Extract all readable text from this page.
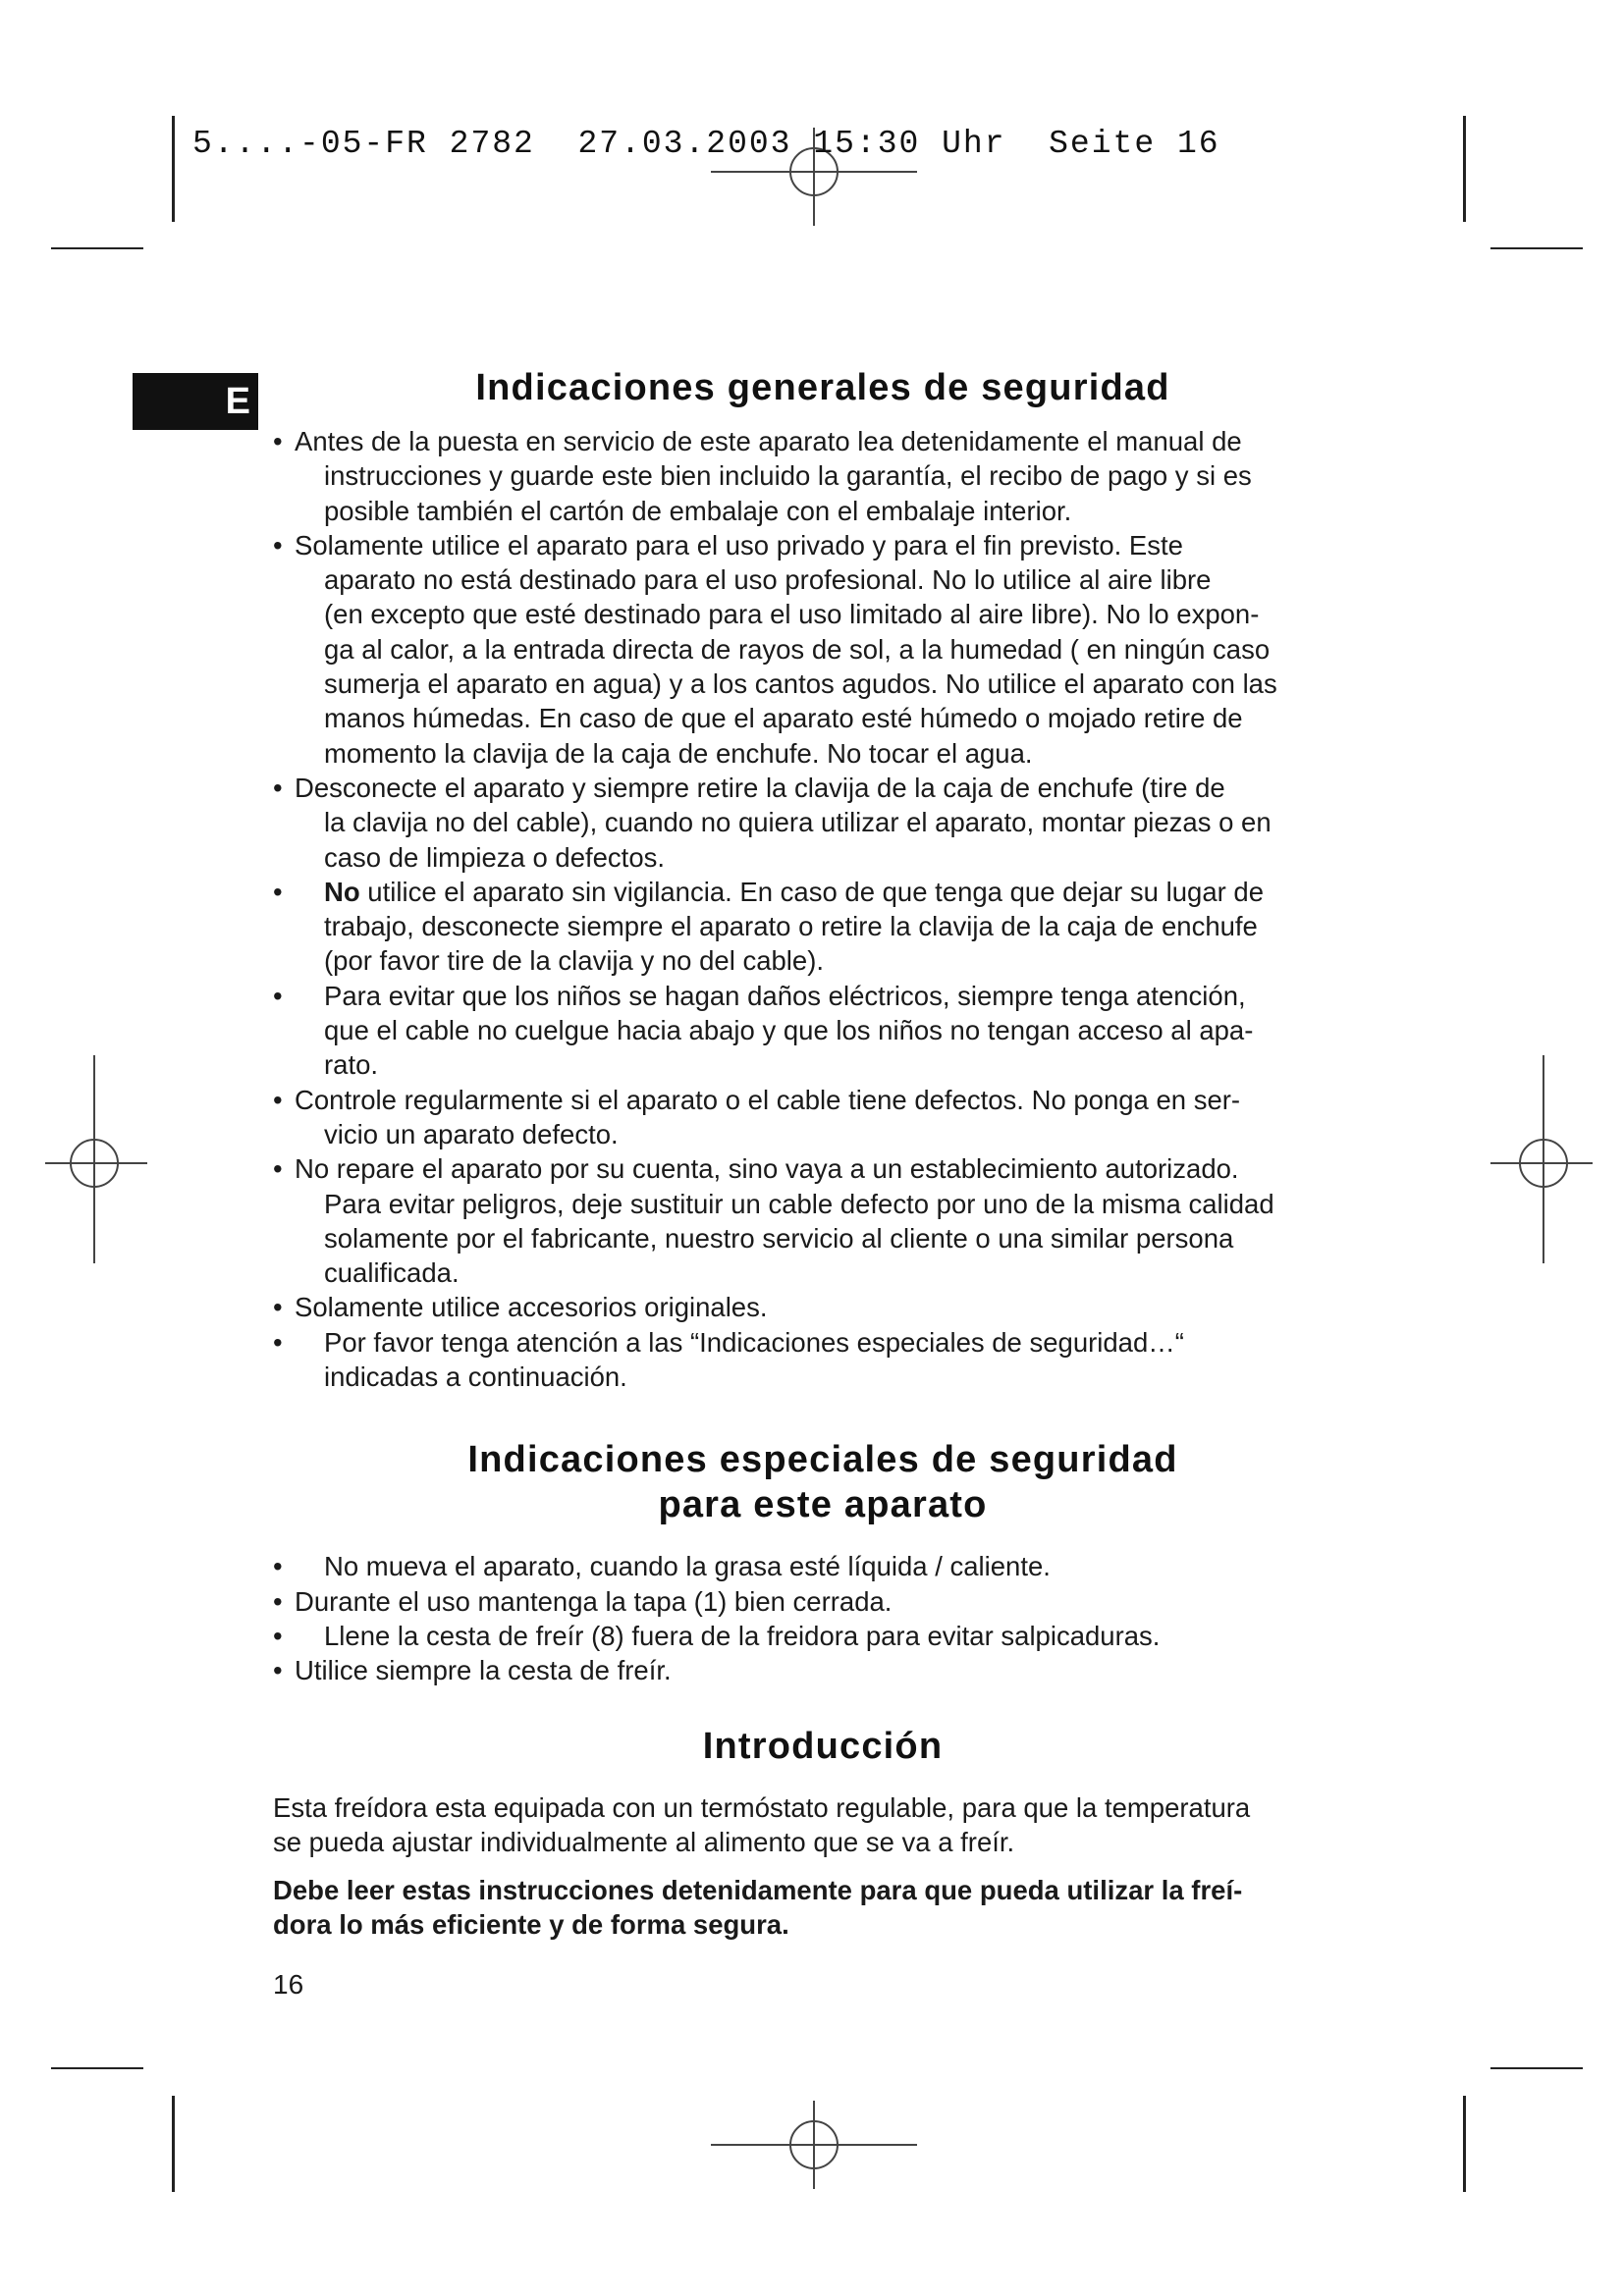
5....-05-FR 2782  27.03.2003 15:30 Uhr  Seite 16
E	Indicaciones generales de seguridad
• Antes de la puesta en servicio de este aparato lea detenidamente el manual de
instrucciones y guarde este bien incluido la garantía, el recibo de pago y si es
posible también el cartón de embalaje con el embalaje interior.
• Solamente utilice el aparato para el uso privado y para el fin previsto. Este
aparato no está destinado para el uso profesional. No lo utilice al aire libre
(en excepto que esté destinado para el uso limitado al aire libre). No lo expon-
ga al calor, a la entrada directa de rayos de sol, a la humedad ( en ningún caso
sumerja el aparato en agua) y a los cantos agudos. No utilice el aparato con las
manos húmedas. En caso de que el aparato esté húmedo o mojado retire de
momento la clavija de la caja de enchufe. No tocar el agua.
• Desconecte el aparato y siempre retire la clavija de la caja de enchufe (tire de
la clavija no del cable), cuando no quiera utilizar el aparato, montar piezas o en
caso de limpieza o defectos.
• No utilice el aparato sin vigilancia. En caso de que tenga que dejar su lugar de
trabajo, desconecte siempre el aparato o retire la clavija de la caja de enchufe
(por favor tire de la clavija y no del cable).
• Para evitar que los niños se hagan daños eléctricos, siempre tenga atención,
que el cable no cuelgue hacia abajo y que los niños no tengan acceso al apa-
rato.
• Controle regularmente si el aparato o el cable tiene defectos. No ponga en ser-
vicio un aparato defecto.
• No repare el aparato por su cuenta, sino vaya a un establecimiento autorizado.
Para evitar peligros, deje sustituir un cable defecto por uno de la misma calidad
solamente por el fabricante, nuestro servicio al cliente o una similar persona
cualificada.
• Solamente utilice accesorios originales.
• Por favor tenga atención a las “Indicaciones especiales de seguridad…“
indicadas a continuación.
Indicaciones especiales de seguridad
para este aparato
• No mueva el aparato, cuando la grasa esté líquida / caliente.
• Durante el uso mantenga la tapa (1) bien cerrada.
• Llene la cesta de freír (8) fuera de la freidora para evitar salpicaduras.
• Utilice siempre la cesta de freír.
Introducción

Esta freídora esta equipada con un termóstato regulable, para que la temperatura
se pueda ajustar individualmente al alimento que se va a freír.

Debe leer estas instrucciones detenidamente para que pueda utilizar la freí-
dora lo más eficiente y de forma segura.

16
